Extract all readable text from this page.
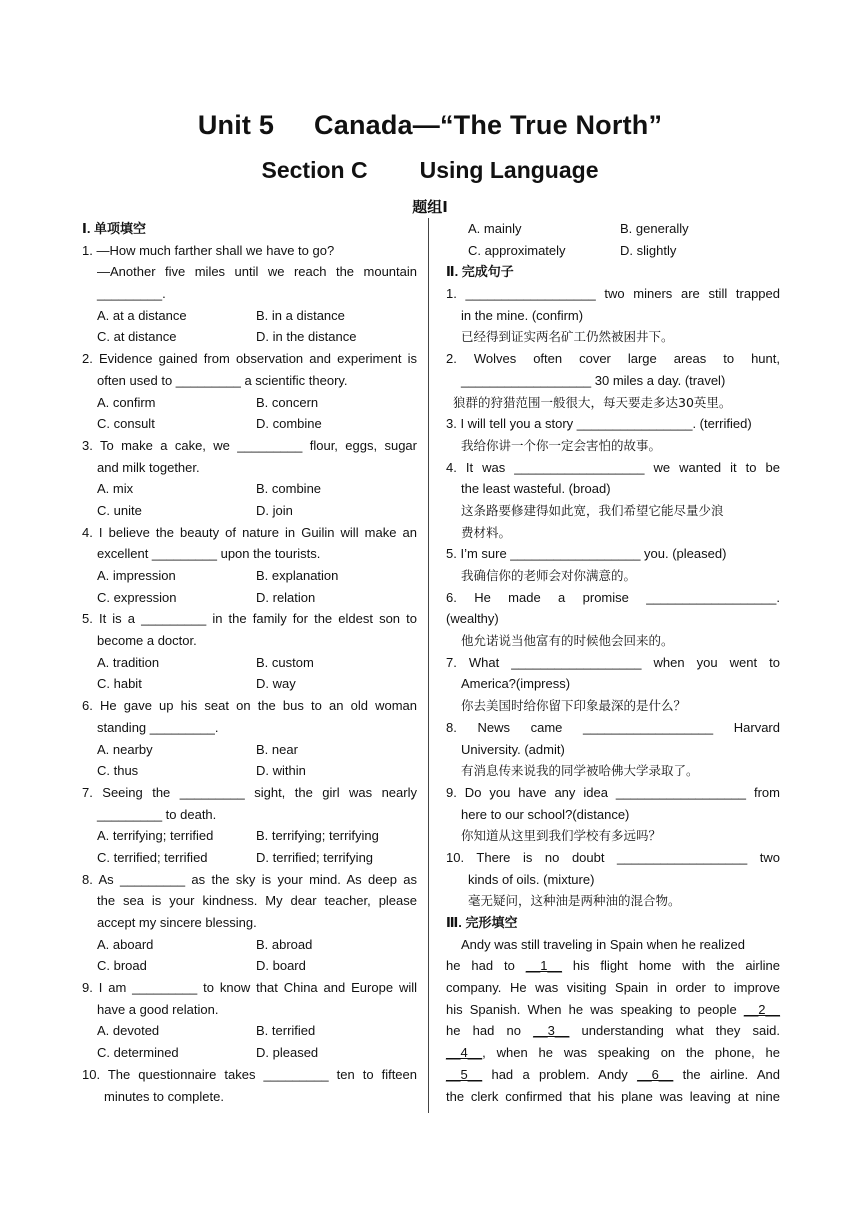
Unit 5 Canada—“The True North”
Section C Using Language
题组Ⅰ
Ⅰ. 单项填空
1. —How much farther shall we have to go?
—Another five miles until we reach the mountain
_________.
A. at a distance	B. in a distance
C. at distance	D. in the distance
2. Evidence gained from observation and experiment is
often used to _________ a scientific theory.
A. confirm	B. concern
C. consult	D. combine
3. To make a cake, we _________ flour, eggs, sugar
and milk together.
A. mix	B. combine
C. unite	D. join
4. I believe the beauty of nature in Guilin will make an
excellent _________ upon the tourists.
A. impression	B. explanation
C. expression	D. relation
5. It is a _________ in the family for the eldest son to
become a doctor.
A. tradition	B. custom
C. habit	D. way
6. He gave up his seat on the bus to an old woman
standing _________.
A. nearby	B. near
C. thus	D. within
7. Seeing the _________ sight, the girl was nearly
_________ to death.
A. terrifying; terrified	B. terrifying; terrifying
C. terrified; terrified	D. terrified; terrifying
8. As _________ as the sky is your mind. As deep as
the sea is your kindness. My dear teacher, please
accept my sincere blessing.
A. aboard	B. abroad
C. broad	D. board
9. I am _________ to know that China and Europe will
have a good relation.
A. devoted	B. terrified
C. determined	D. pleased
10. The questionnaire takes _________ ten to fifteen
minutes to complete.
A. mainly	B. generally
C. approximately	D. slightly
Ⅱ. 完成句子
1. __________________ two miners are still trapped
in the mine. (confirm)
已经得到证实两名矿工仍然被困井下。
2. Wolves often cover large areas to hunt,
__________________ 30 miles a day. (travel)
狼群的狩猎范围一般很大，每天要走多达30英里。
3. I will tell you a story ________________. (terrified)
我给你讲一个你一定会害怕的故事。
4. It was __________________ we wanted it to be
the least wasteful. (broad)
这条路要修建得如此宽，我们希望它能尽量少浪
费材料。
5. I’m sure __________________ you. (pleased)
我确信你的老师会对你满意的。
6. He made a promise __________________.
(wealthy)
他允诺说当他富有的时候他会回来的。
7. What __________________ when you went to
America?(impress)
你去美国时给你留下印象最深的是什么？
8. News came __________________ Harvard
University. (admit)
有消息传来说我的同学被哈佛大学录取了。
9. Do you have any idea __________________ from
here to our school?(distance)
你知道从这里到我们学校有多远吗？
10. There is no doubt __________________ two
kinds of oils. (mixture)
毫无疑问，这种油是两种油的混合物。
Ⅲ. 完形填空
Andy was still traveling in Spain when he realized
he had to __1__ his flight home with the airline
company. He was visiting Spain in order to improve
his Spanish. When he was speaking to people __2__
he had no __3__ understanding what they said.
__4__, when he was speaking on the phone, he
__5__ had a problem. Andy __6__ the airline. And
the clerk confirmed that his plane was leaving at nine
